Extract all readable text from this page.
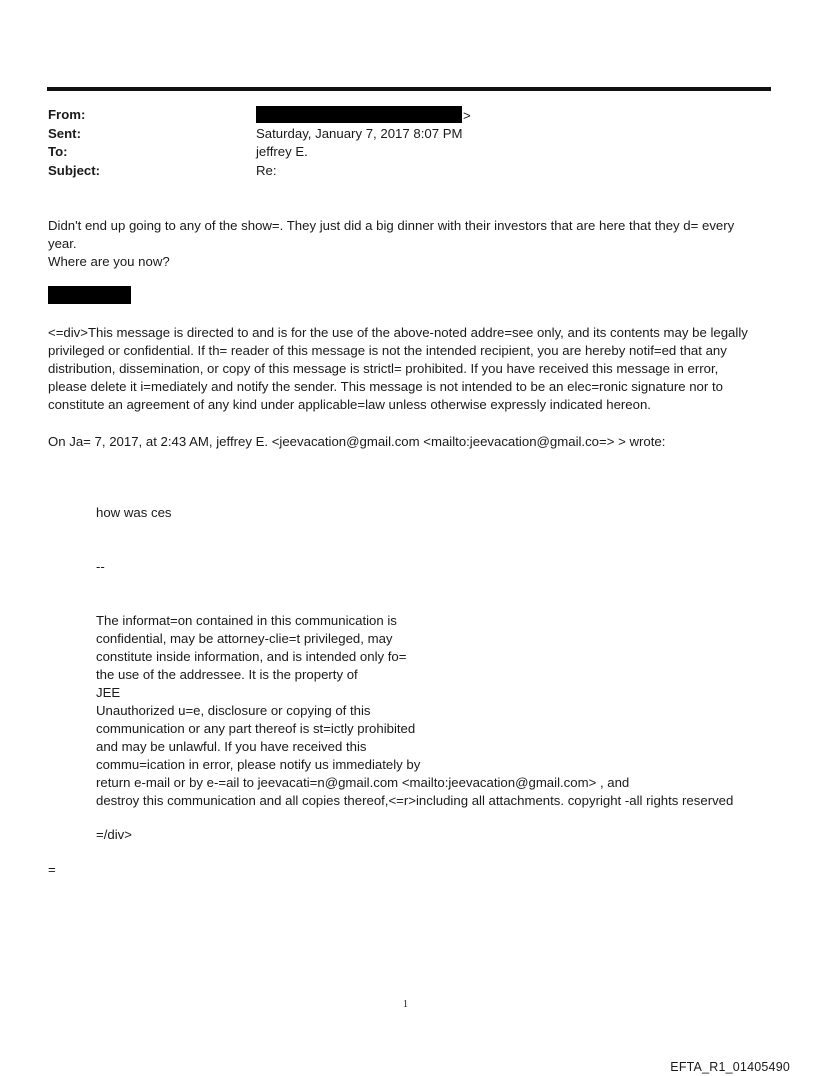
From:	>
Sent:	Saturday, January 7, 2017 8:07 PM
To:	jeffrey E.
Subject:	Re:

Didn't end up going to any of the show=. They just did a big dinner with their investors that are here that they d= every

year.

Where are you now?

<=div>This message is directed to and is for the use of the above-noted addre=see only, and its contents may be legally

privileged or confidential. If th= reader of this message is not the intended recipient, you are hereby notif=ed that any

distribution, dissemination, or copy of this message is strictl= prohibited. If you have received this message in error,

please delete it i=mediately and notify the sender. This message is not intended to be an elec=ronic signature nor to

constitute an agreement of any kind under applicable=law unless otherwise expressly indicated hereon.

On Ja= 7, 2017, at 2:43 AM, jeffrey E. <jeevacation@gmail.com <mailto:jeevacation@gmail.co=> > wrote:
how was ces
--

The informat=on contained in this communication is

confidential, may be attorney-clie=t privileged, may

constitute inside information, and is intended only fo=

the use of the addressee. It is the property of

JEE

Unauthorized u=e, disclosure or copying of this

communication or any part thereof is st=ictly prohibited

and may be unlawful. If you have received this

commu=ication in error, please notify us immediately by

return e-mail or by e-=ail to jeevacati=n@gmail.com <mailto:jeevacation@gmail.com> , and

destroy this communication and all copies thereof,<=r>including all attachments. copyright -all rights reserved

=/div>
=
1
EFTA_R1_01405490
